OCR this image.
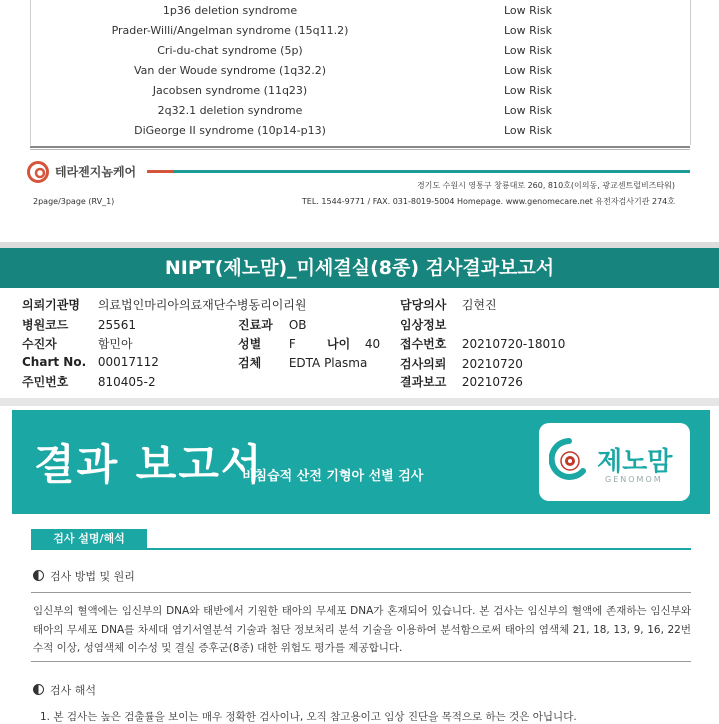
1p36 deletion syndrome	Low Risk
Prader-Willi/Angelman syndrome (15q11.2)	Low Risk
Cri-du-chat syndrome (5p)	Low Risk
Van der Woude syndrome (1q32.2)	Low Risk
Jacobsen syndrome (11q23)	Low Risk
2q32.1 deletion syndrome	Low Risk
DiGeorge II syndrome (10p14-p13)	Low Risk
테라젠지놈케어
경기도 수원시 영통구 창룡대로 260, 810호(이의동, 광교센트럴비즈타워)
TEL. 1544-9771 / FAX. 031-8019-5004 Homepage. www.genomecare.net 유전자검사기관 274호
2page/3page (RV_1)
NIPT(제노맘)_미세결실(8종) 검사결과보고서
의뢰기관명 의료법인마리아의료재단수병동리이리원
병원코드 25561
수진자	함민아
Chart No. 00017112
주민번호 810405-2
진료과 OB
성별 F	나이 40
검체 EDTA Plasma
담당의사 김현진
임상정보
접수번호 20210720-18010
검사의뢰 20210720
결과보고 20210726
결과 보고서
비침습적 산전 기형아 선별 검사	제노맘
GENOMOM
검사 설명/해석
검사 방법 및 원리
임신부의 혈액에는 임신부의 DNA와 태반에서 기원한 태아의 무세포 DNA가 혼재되어 있습니다. 본 검사는 임신부의 혈액에 존재하는 임신부와 태아의 무세포 DNA를 차세대 염기서열분석 기술과 첨단 정보처리 분석 기술을 이용하여 분석함으로써 태아의 염색체 21, 18, 13, 9, 16, 22번 수적 이상, 성염색체 이수성 및 결실 증후군(8종) 대한 위험도 평가를 제공합니다.
검사 해석
1. 본 검사는 높은 검출률을 보이는 매우 정확한 검사이나, 오직 참고용이고 임상 진단을 목적으로 하는 것은 아닙니다.
